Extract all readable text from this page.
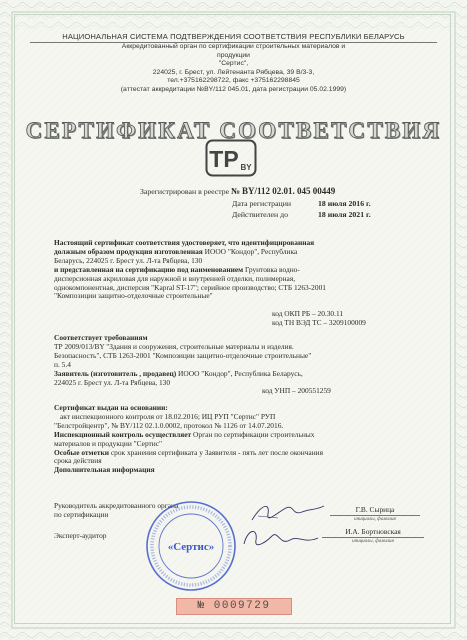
НАЦИОНАЛЬНАЯ СИСТЕМА ПОДТВЕРЖДЕНИЯ СООТВЕТСТВИЯ РЕСПУБЛИКИ БЕЛАРУСЬ
Аккредитованный орган по сертификации строительных материалов и
продукции
"Сертис",
224025, г. Брест, ул. Лейтенанта Рябцева, 39 В/3-3,
тел.+375162298722, факс +375162298845
(аттестат аккредитации №BY/112 045.01, дата регистрации 05.02.1999)
СЕРТИФИКАТ СООТВЕТСТВИЯ
TP BY
Зарегистрирован в реестре № BY/112 02.01. 045 00449
Дата регистрации	18 июля 2016 г.
Действителен до	18 июля 2021 г.
Настоящий сертификат соответствия удостоверяет, что идентифицированная
должным образом продукция изготовленная ИООО "Кондор", Республика
Беларусь, 224025 г. Брест ул. Л-та Рябцева, 130
и представленная на сертификацию под наименованием Грунтовка водно-
дисперсионная акриловая для наружной и внутренней отделки, полимерная,
однокомпонентная, дисперсия "Kapral ST-17"; серийное производство; СТБ 1263-2001
"Композиции защитно-отделочные строительные"
код ОКП РБ – 20.30.11
код ТН ВЭД ТС – 3209100009
Соответствует требованиям
ТР 2009/013/BY "Здания и сооружения, строительные материалы и изделия.
Безопасность", СТБ 1263-2001 "Композиции защитно-отделочные строительные"
п. 5.4
Заявитель (изготовитель , продавец) ИООО "Кондор", Республика Беларусь,
224025 г. Брест ул. Л-та Рябцева, 130
код УНП – 200551259
Сертификат выдан на основании:
акт инспекционного контроля от 18.02.2016; ИЦ РУП "Сертис" РУП
"Белстройцентр", № BY/112 02.1.0.0002, протокол № 1126 от 14.07.2016.
Инспекционный контроль осуществляет Орган по сертификации строительных
материалов и продукции "Сертис"
Особые отметки срок хранения сертификата у Заявителя - пять лет после окончания
срока действия
Дополнительная информация
Руководитель аккредитованного органа
по сертификации
Г.В. Сырица
инициалы, фамилия
Эксперт-аудитор	И.А. Бортновская
инициалы, фамилия
«Сертис»
№ 0009729
